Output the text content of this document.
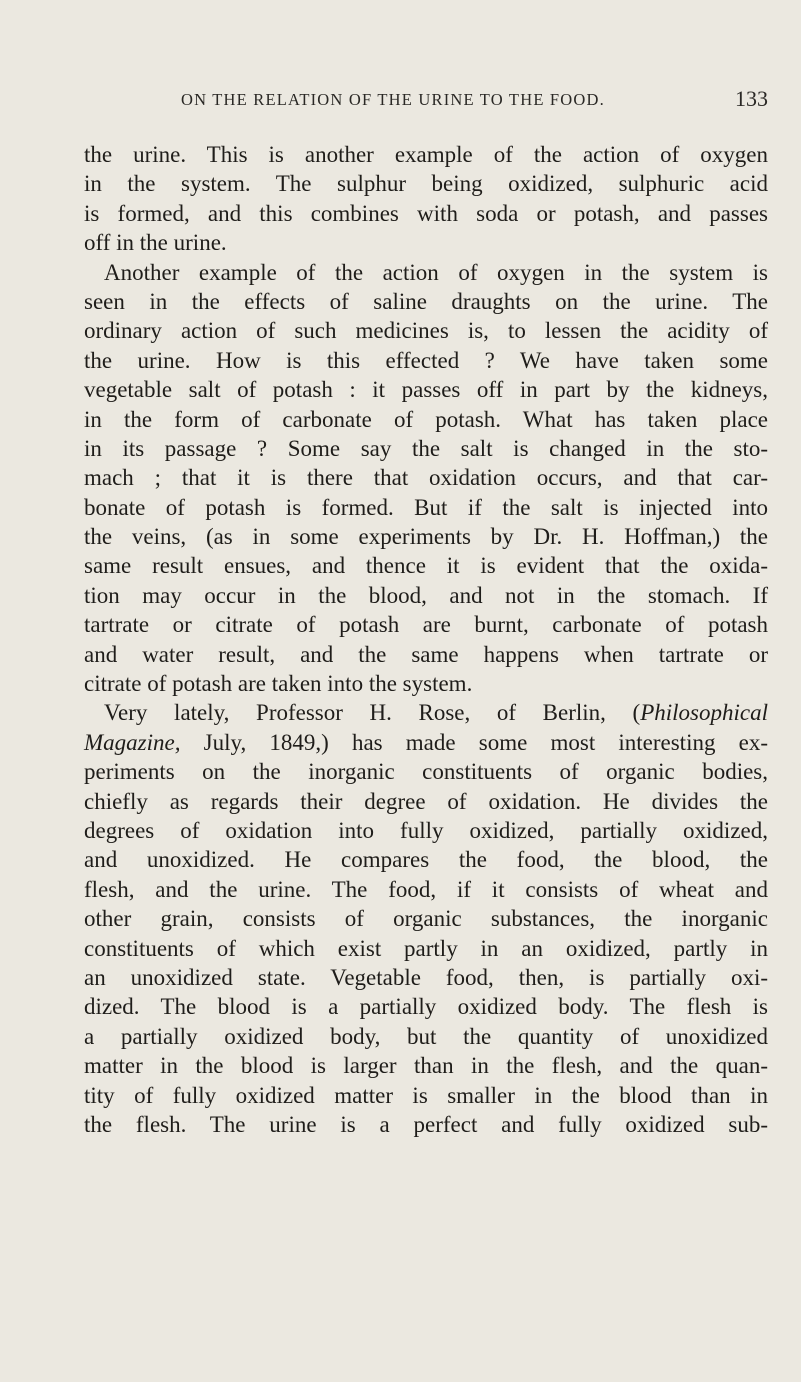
ON THE RELATION OF THE URINE TO THE FOOD.	133
the urine. This is another example of the action of oxygen
in the system. The sulphur being oxidized, sulphuric acid
is formed, and this combines with soda or potash, and passes
off in the urine.
Another example of the action of oxygen in the system is
seen in the effects of saline draughts on the urine. The
ordinary action of such medicines is, to lessen the acidity of
the urine. How is this effected ? We have taken some
vegetable salt of potash : it passes off in part by the kidneys,
in the form of carbonate of potash. What has taken place
in its passage ? Some say the salt is changed in the sto-
mach ; that it is there that oxidation occurs, and that car-
bonate of potash is formed. But if the salt is injected into
the veins, (as in some experiments by Dr. H. Hoffman,) the
same result ensues, and thence it is evident that the oxida-
tion may occur in the blood, and not in the stomach. If
tartrate or citrate of potash are burnt, carbonate of potash
and water result, and the same happens when tartrate or
citrate of potash are taken into the system.
Very lately, Professor H. Rose, of Berlin, (Philosophical
Magazine, July, 1849,) has made some most interesting ex-
periments on the inorganic constituents of organic bodies,
chiefly as regards their degree of oxidation. He divides the
degrees of oxidation into fully oxidized, partially oxidized,
and unoxidized. He compares the food, the blood, the
flesh, and the urine. The food, if it consists of wheat and
other grain, consists of organic substances, the inorganic
constituents of which exist partly in an oxidized, partly in
an unoxidized state. Vegetable food, then, is partially oxi-
dized. The blood is a partially oxidized body. The flesh is
a partially oxidized body, but the quantity of unoxidized
matter in the blood is larger than in the flesh, and the quan-
tity of fully oxidized matter is smaller in the blood than in
the flesh. The urine is a perfect and fully oxidized sub-
